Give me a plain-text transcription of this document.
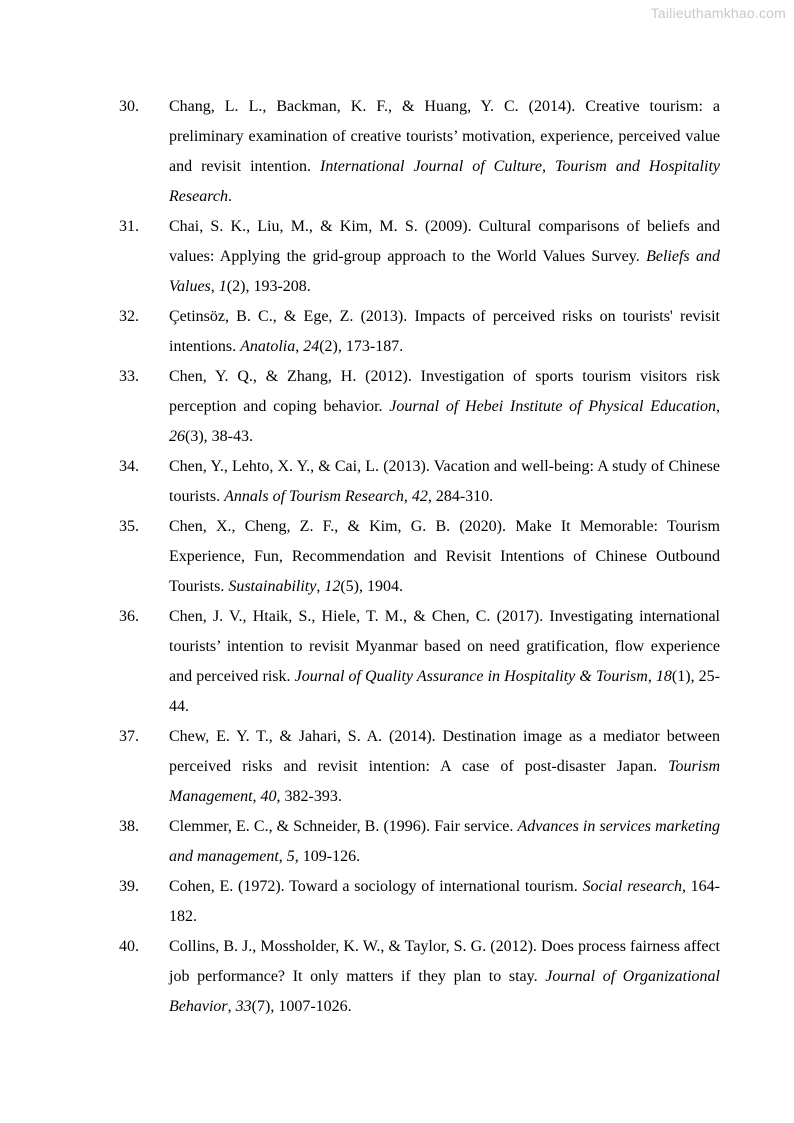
Tailieuthamkhao.com
30. Chang, L. L., Backman, K. F., & Huang, Y. C. (2014). Creative tourism: a preliminary examination of creative tourists’ motivation, experience, perceived value and revisit intention. International Journal of Culture, Tourism and Hospitality Research.
31. Chai, S. K., Liu, M., & Kim, M. S. (2009). Cultural comparisons of beliefs and values: Applying the grid-group approach to the World Values Survey. Beliefs and Values, 1(2), 193-208.
32. Çetinsöz, B. C., & Ege, Z. (2013). Impacts of perceived risks on tourists' revisit intentions. Anatolia, 24(2), 173-187.
33. Chen, Y. Q., & Zhang, H. (2012). Investigation of sports tourism visitors risk perception and coping behavior. Journal of Hebei Institute of Physical Education, 26(3), 38-43.
34. Chen, Y., Lehto, X. Y., & Cai, L. (2013). Vacation and well-being: A study of Chinese tourists. Annals of Tourism Research, 42, 284-310.
35. Chen, X., Cheng, Z. F., & Kim, G. B. (2020). Make It Memorable: Tourism Experience, Fun, Recommendation and Revisit Intentions of Chinese Outbound Tourists. Sustainability, 12(5), 1904.
36. Chen, J. V., Htaik, S., Hiele, T. M., & Chen, C. (2017). Investigating international tourists’ intention to revisit Myanmar based on need gratification, flow experience and perceived risk. Journal of Quality Assurance in Hospitality & Tourism, 18(1), 25-44.
37. Chew, E. Y. T., & Jahari, S. A. (2014). Destination image as a mediator between perceived risks and revisit intention: A case of post-disaster Japan. Tourism Management, 40, 382-393.
38. Clemmer, E. C., & Schneider, B. (1996). Fair service. Advances in services marketing and management, 5, 109-126.
39. Cohen, E. (1972). Toward a sociology of international tourism. Social research, 164-182.
40. Collins, B. J., Mossholder, K. W., & Taylor, S. G. (2012). Does process fairness affect job performance? It only matters if they plan to stay. Journal of Organizational Behavior, 33(7), 1007-1026.
